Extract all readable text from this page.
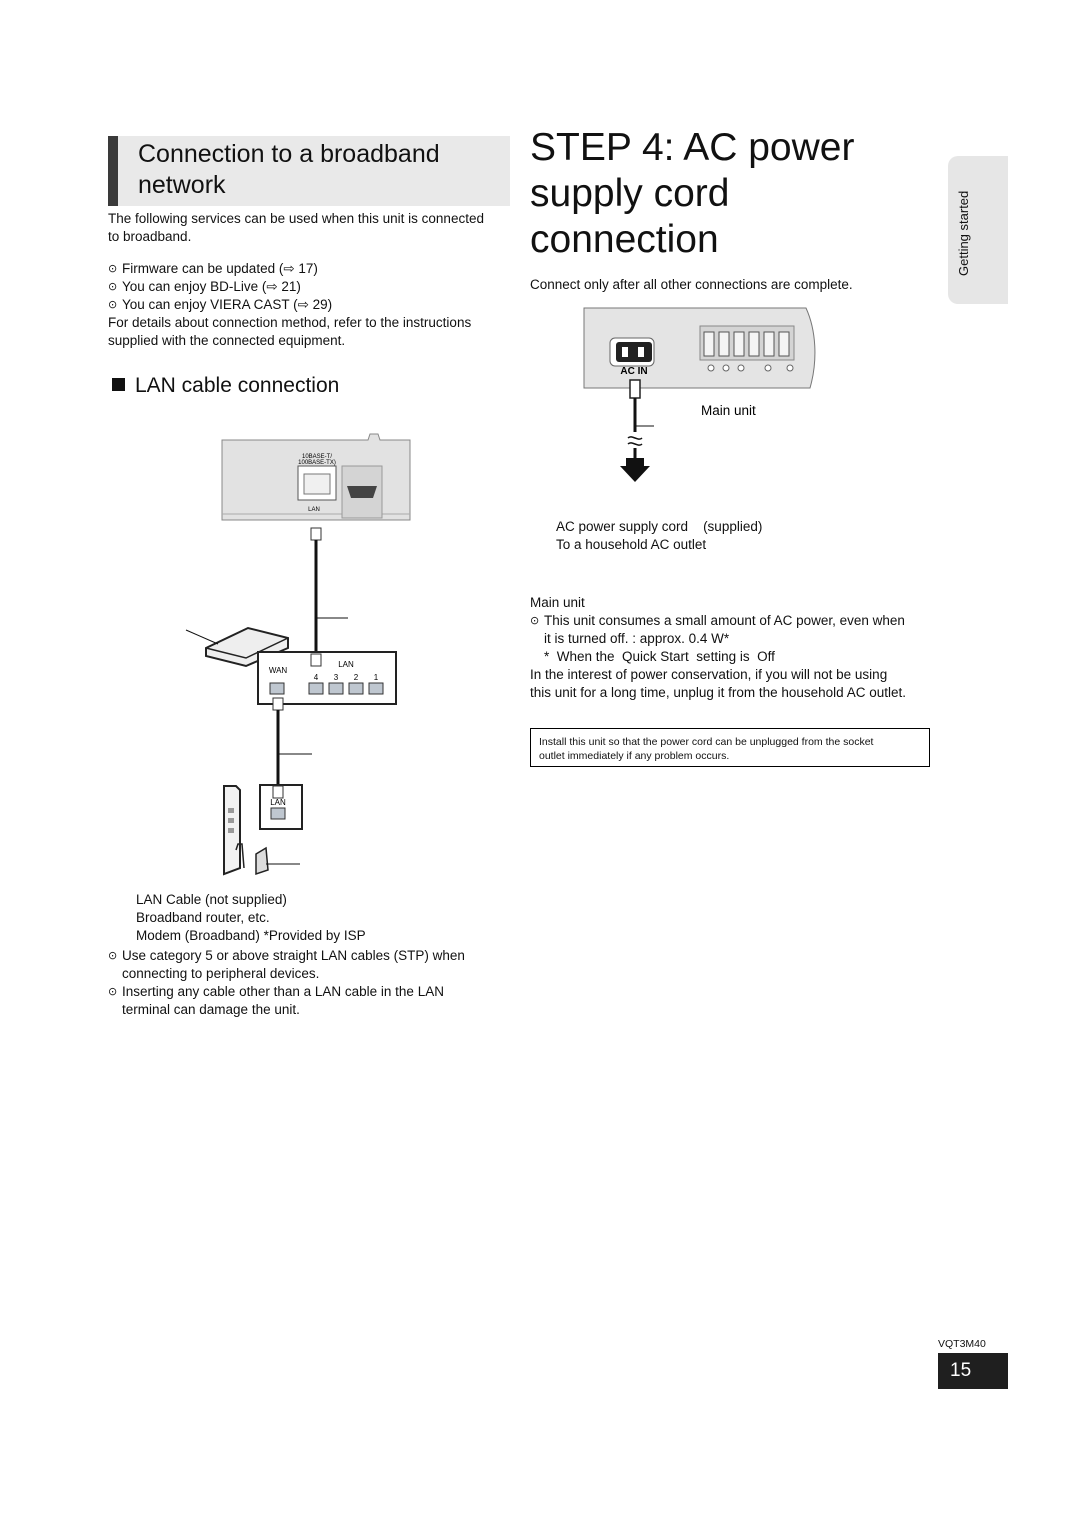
Connection to a broadband
network
The following services can be used when this unit is connected
to broadband.
⊙ Firmware can be updated (⇨ 17)
⊙ You can enjoy BD-Live (⇨ 21)
⊙ You can enjoy VIERA CAST (⇨ 29)
For details about connection method, refer to the instructions
supplied with the connected equipment.
LAN cable connection
10BASE-T/
100BASE-TX)
LAN
WAN
LAN
4 3 2 1
LAN
LAN Cable (not supplied)
Broadband router, etc.
Modem (Broadband) *Provided by ISP
⊙ Use category 5 or above straight LAN cables (STP) when
connecting to peripheral devices.
⊙ Inserting any cable other than a LAN cable in the LAN
terminal can damage the unit.
STEP 4: AC power
supply cord
connection
Connect only after all other connections are complete.
AC IN
Main unit
AC power supply cord    (supplied)
To a household AC outlet
Main unit
⊙ This unit consumes a small amount of AC power, even when
it is turned off. : approx. 0.4 W*
*  When the  Quick Start  setting is  Off
In the interest of power conservation, if you will not be using
this unit for a long time, unplug it from the household AC outlet.
Install this unit so that the power cord can be unplugged from the socket
outlet immediately if any problem occurs.
Getting started
VQT3M40
15
